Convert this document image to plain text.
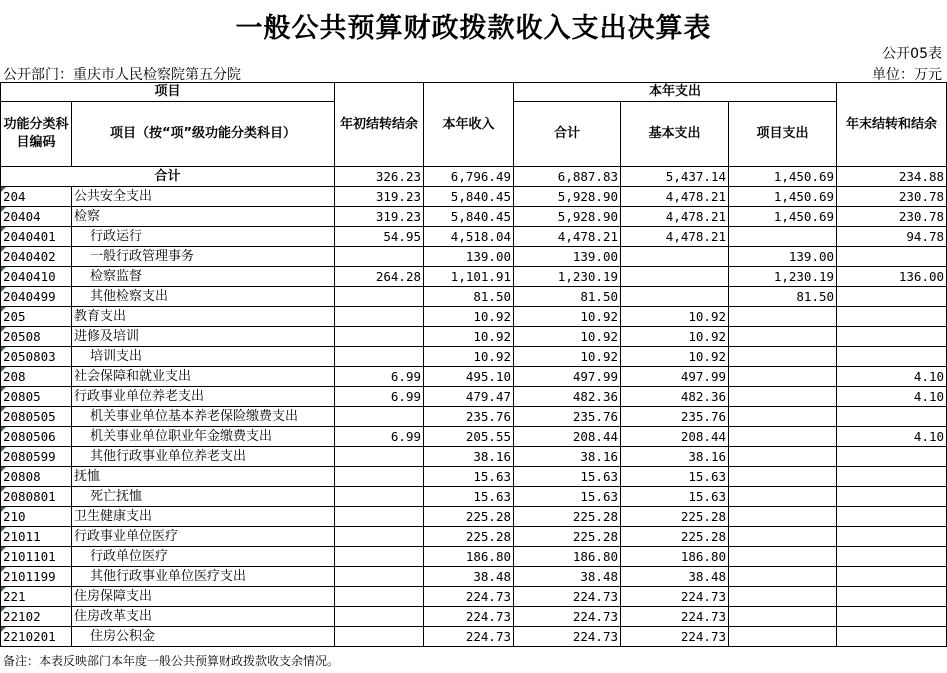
一般公共预算财政拨款收入支出决算表
公开05表
公开部门：重庆市人民检察院第五分院	单位：万元
项目		年初结转结余	本年收入	本年支出			年末结转和结余
功能分类科目编码	项目（按“项”级功能分类科目）			合计	基本支出	项目支出	
合计		326.23	6,796.49	6,887.83	5,437.14	1,450.69	234.88
204	公共安全支出	319.23	5,840.45	5,928.90	4,478.21	1,450.69	230.78
20404	检察	319.23	5,840.45	5,928.90	4,478.21	1,450.69	230.78
2040401	行政运行	54.95	4,518.04	4,478.21	4,478.21		94.78
2040402	一般行政管理事务		139.00	139.00		139.00	
2040410	检察监督	264.28	1,101.91	1,230.19		1,230.19	136.00
2040499	其他检察支出		81.50	81.50		81.50	
205	教育支出		10.92	10.92	10.92		
20508	进修及培训		10.92	10.92	10.92		
2050803	培训支出		10.92	10.92	10.92		
208	社会保障和就业支出	6.99	495.10	497.99	497.99		4.10
20805	行政事业单位养老支出	6.99	479.47	482.36	482.36		4.10
2080505	机关事业单位基本养老保险缴费支出		235.76	235.76	235.76		
2080506	机关事业单位职业年金缴费支出	6.99	205.55	208.44	208.44		4.10
2080599	其他行政事业单位养老支出		38.16	38.16	38.16		
20808	抚恤		15.63	15.63	15.63		
2080801	死亡抚恤		15.63	15.63	15.63		
210	卫生健康支出		225.28	225.28	225.28		
21011	行政事业单位医疗		225.28	225.28	225.28		
2101101	行政单位医疗		186.80	186.80	186.80		
2101199	其他行政事业单位医疗支出		38.48	38.48	38.48		
221	住房保障支出		224.73	224.73	224.73		
22102	住房改革支出		224.73	224.73	224.73		
2210201	住房公积金		224.73	224.73	224.73		
备注：本表反映部门本年度一般公共预算财政拨款收支余情况。
